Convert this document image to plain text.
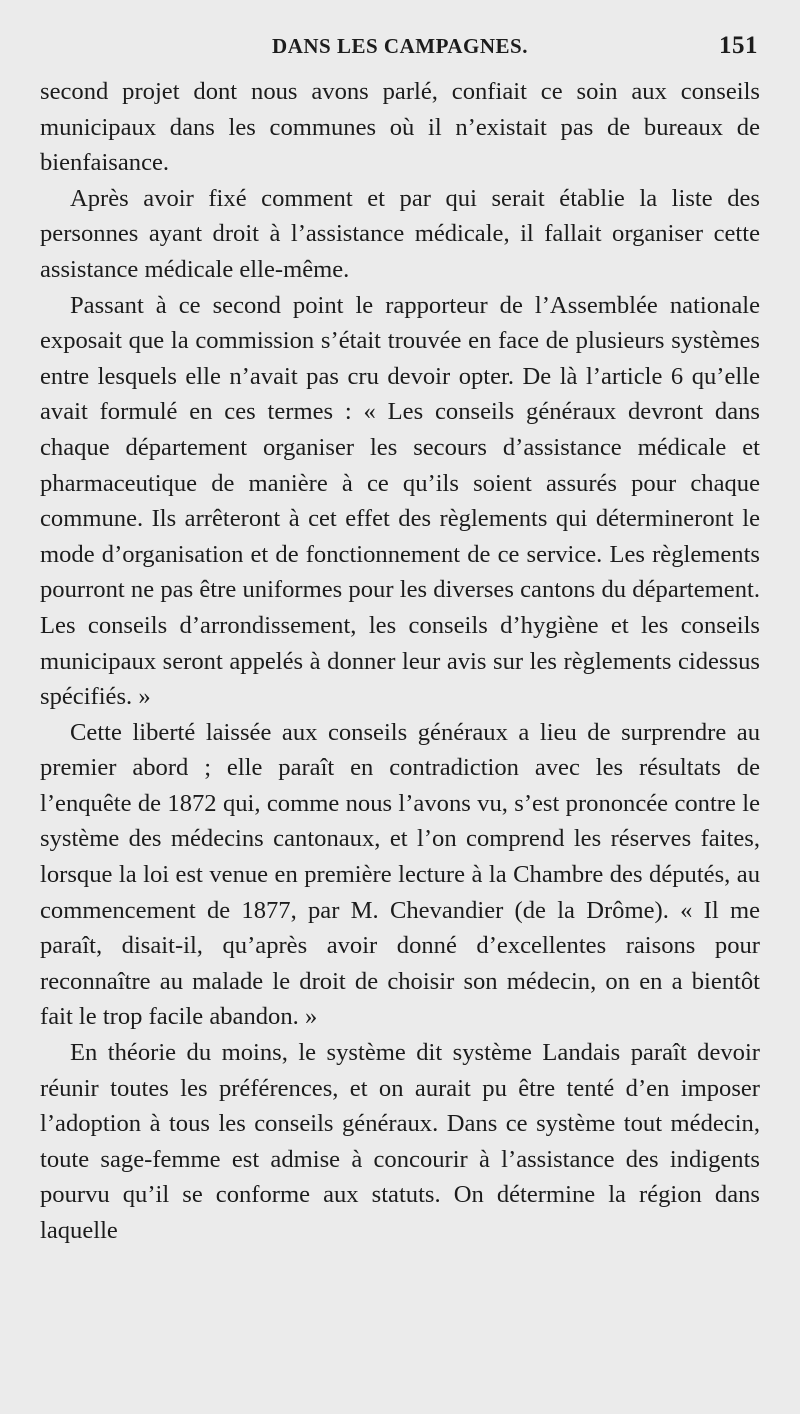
DANS LES CAMPAGNES.	151

second projet dont nous avons parlé, confiait ce soin aux conseils municipaux dans les communes où il n’existait pas de bureaux de bienfaisance.

Après avoir fixé comment et par qui serait établie la liste des personnes ayant droit à l’assistance médicale, il fallait organiser cette assistance médicale elle-même.

Passant à ce second point le rapporteur de l’Assemblée nationale exposait que la commission s’était trouvée en face de plusieurs systèmes entre lesquels elle n’avait pas cru devoir opter. De là l’article 6 qu’elle avait formulé en ces termes : « Les conseils généraux devront dans chaque département organiser les secours d’assistance médicale et pharmaceutique de manière à ce qu’ils soient assurés pour chaque commune. Ils arrêteront à cet effet des règlements qui détermineront le mode d’organisation et de fonctionnement de ce service. Les règlements pourront ne pas être uniformes pour les diverses cantons du département. Les conseils d’arrondissement, les conseils d’hygiène et les conseils municipaux seront appelés à donner leur avis sur les règlements cidessus spécifiés. »

Cette liberté laissée aux conseils généraux a lieu de surprendre au premier abord ; elle paraît en contradiction avec les résultats de l’enquête de 1872 qui, comme nous l’avons vu, s’est prononcée contre le système des médecins cantonaux, et l’on comprend les réserves faites, lorsque la loi est venue en première lecture à la Chambre des députés, au commencement de 1877, par M. Chevandier (de la Drôme). « Il me paraît, disait-il, qu’après avoir donné d’excellentes raisons pour reconnaître au malade le droit de choisir son médecin, on en a bientôt fait le trop facile abandon. »

En théorie du moins, le système dit système Landais paraît devoir réunir toutes les préférences, et on aurait pu être tenté d’en imposer l’adoption à tous les conseils généraux. Dans ce système tout médecin, toute sage-femme est admise à concourir à l’assistance des indigents pourvu qu’il se conforme aux statuts. On détermine la région dans laquelle
